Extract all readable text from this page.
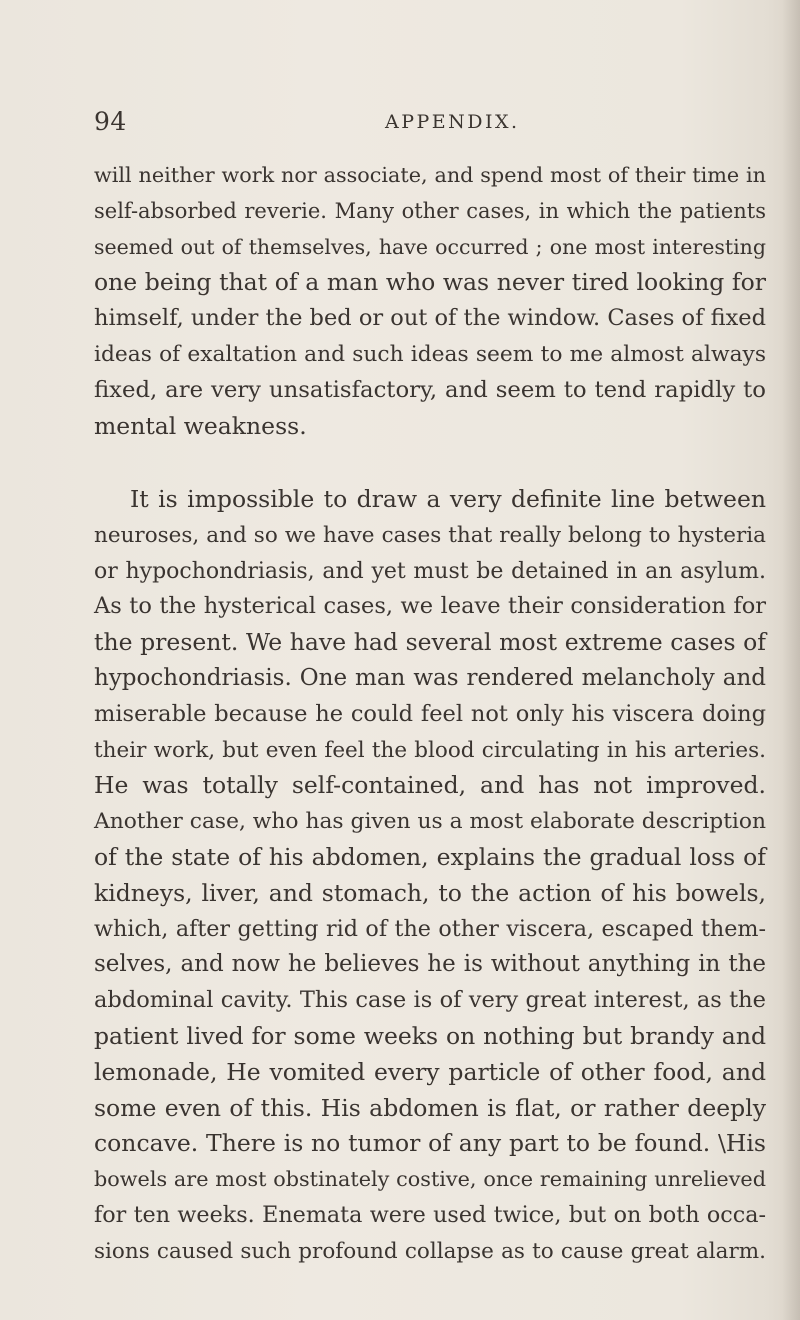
94	APPENDIX.
will neither work nor associate, and spend most of their time in
self-absorbed reverie. Many other cases, in which the patients
seemed out of themselves, have occurred ; one most interesting
one being that of a man who was never tired looking for
himself, under the bed or out of the window. Cases of fixed
ideas of exaltation and such ideas seem to me almost always
fixed, are very unsatisfactory, and seem to tend rapidly to
mental weakness.
It is impossible to draw a very definite line between
neuroses, and so we have cases that really belong to hysteria
or hypochondriasis, and yet must be detained in an asylum.
As to the hysterical cases, we leave their consideration for
the present. We have had several most extreme cases of
hypochondriasis. One man was rendered melancholy and
miserable because he could feel not only his viscera doing
their work, but even feel the blood circulating in his arteries.
He was totally self-contained, and has not improved.
Another case, who has given us a most elaborate description
of the state of his abdomen, explains the gradual loss of
kidneys, liver, and stomach, to the action of his bowels,
which, after getting rid of the other viscera, escaped them-
selves, and now he believes he is without anything in the
abdominal cavity. This case is of very great interest, as the
patient lived for some weeks on nothing but brandy and
lemonade, He vomited every particle of other food, and
some even of this. His abdomen is flat, or rather deeply
concave. There is no tumor of any part to be found. \His
bowels are most obstinately costive, once remaining unrelieved
for ten weeks. Enemata were used twice, but on both occa-
sions caused such profound collapse as to cause great alarm.
